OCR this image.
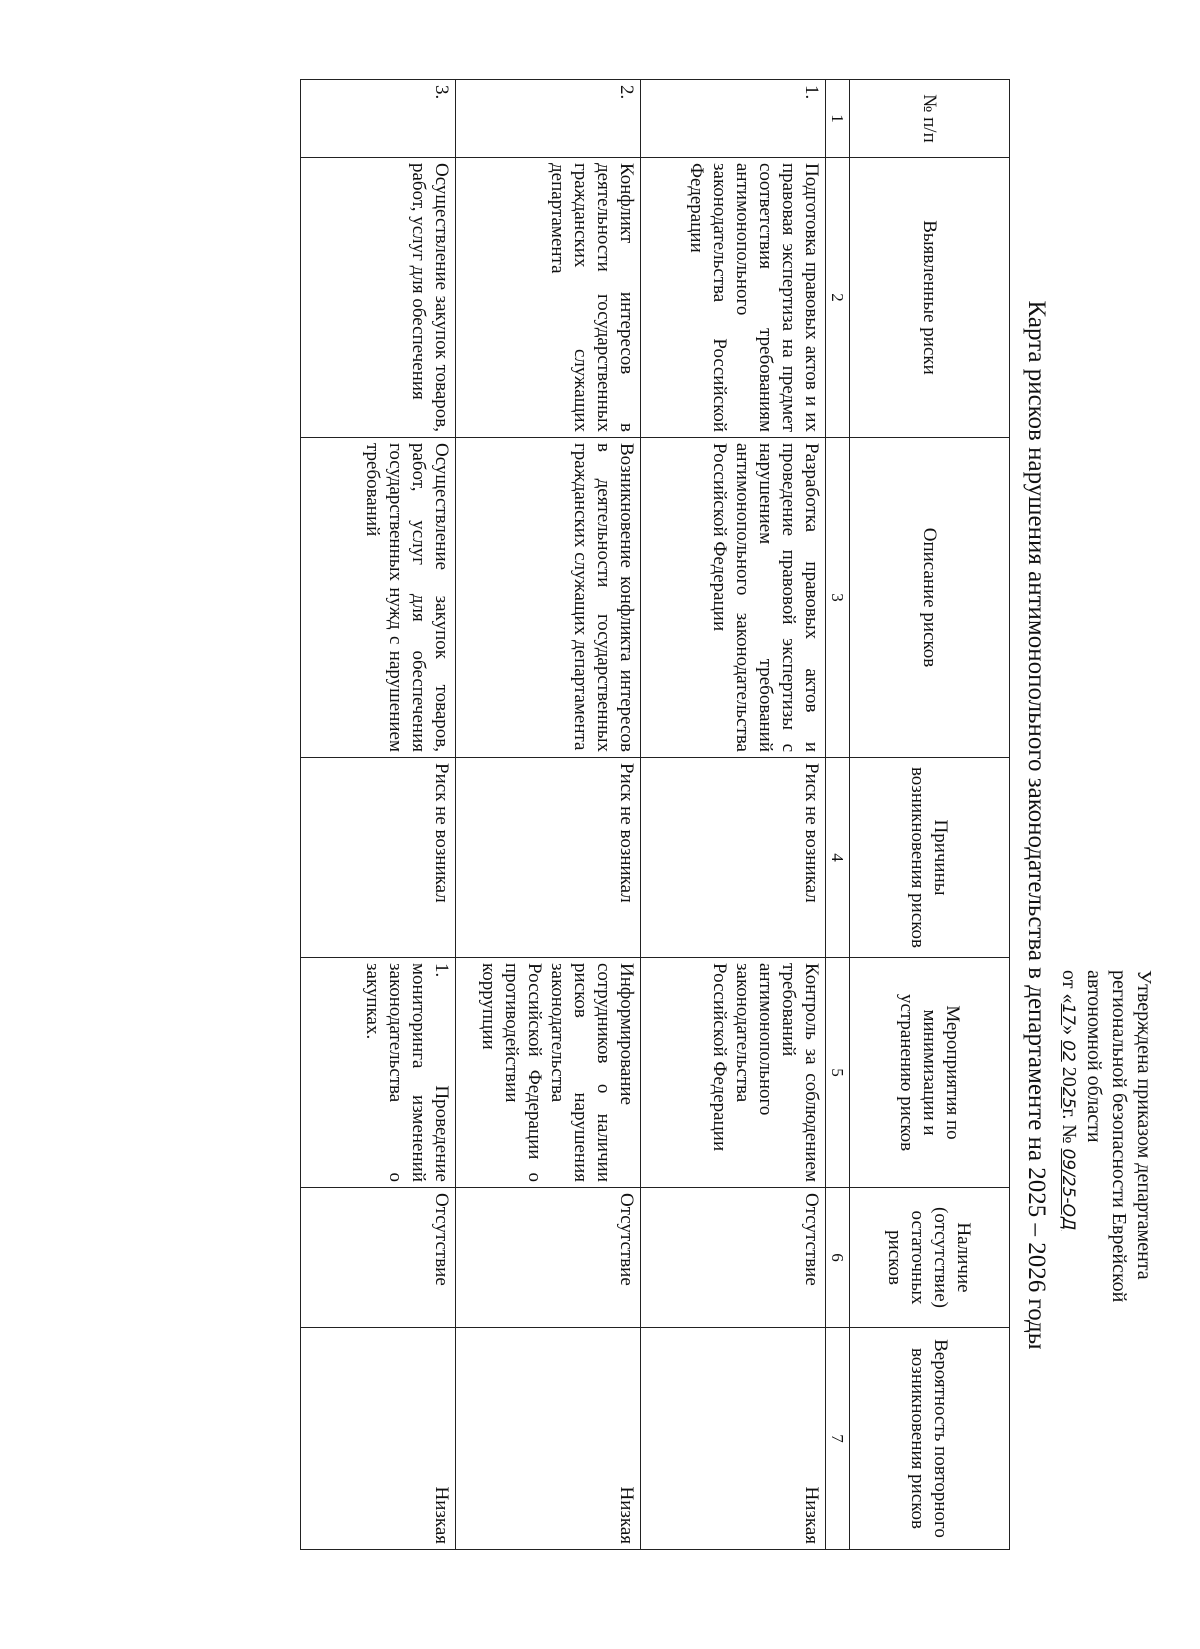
Утверждена приказом департамента
региональной безопасности Еврейской
автономной области
от «17» 02 2025г. № 09/25-ОД
Карта рисков нарушения антимонопольного законодательства в департаменте на 2025 – 2026 годы
№ п/п	Выявленные риски	Описание рисков	Причины возникновения рисков	Мероприятия по минимизации и устранению рисков	Наличие (отсутствие) остаточных рисков	Вероятность повторного возникновения рисков
1	2	3	4	5	6	7
1.	Подготовка правовых актов и их правовая экспертиза на предмет соответствия требованиям антимонопольного законодательства Российской Федерации	Разработка правовых актов и проведение правовой экспертизы с нарушением требований антимонопольного законодательства Российской Федерации	Риск не возникал	Контроль за соблюдением требований антимонопольного законодательства Российской Федерации	Отсутствие	Низкая
2.	Конфликт интересов в деятельности государственных гражданских служащих департамента	Возникновение конфликта интересов в деятельности государственных гражданских служащих департамента	Риск не возникал	Информирование сотрудников о наличии рисков нарушения законодательства Российской Федерации о противодействии коррупции	Отсутствие	Низкая
3.	Осуществление закупок товаров, работ, услуг для обеспечения	Осуществление закупок товаров, работ, услуг для обеспечения государственных нужд с нарушением требований	Риск не возникал	1. Проведение мониторинга изменений законодательства о закупках.	Отсутствие	Низкая
